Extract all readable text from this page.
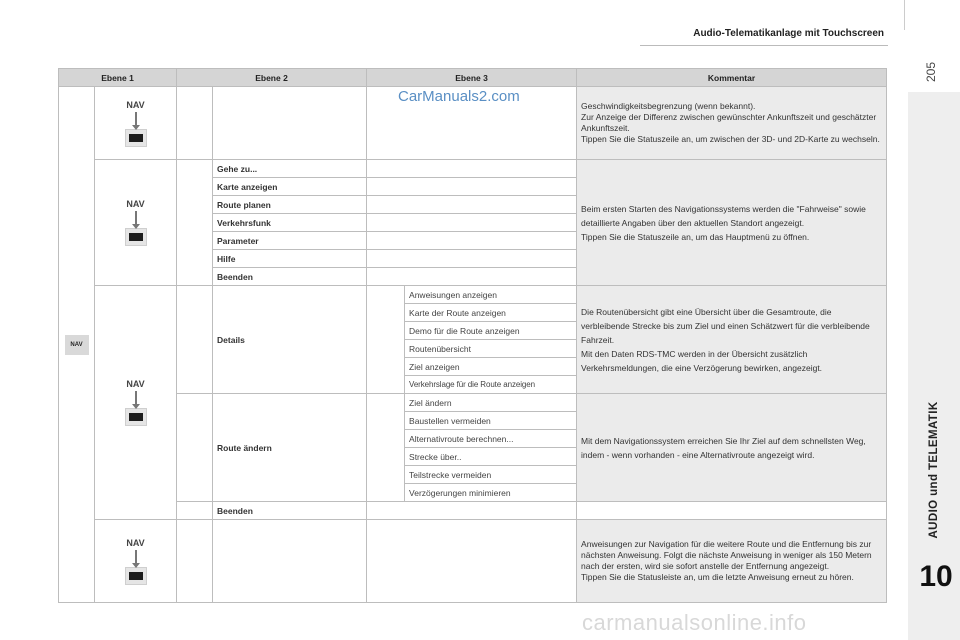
Audio-Telematikanlage mit Touchscreen
205
AUDIO und TELEMATIK
10
Ebene 1		Ebene 2		Ebene 3		Kommentar
NAV	NAV					Geschwindigkeitsbegrenzung (wenn bekannt).

Zur Anzeige der Differenz zwischen gewünschter Ankunftszeit und geschätzter Ankunftszeit.

Tippen Sie die Statuszeile an, um zwischen der 3D- und 2D-Karte zu wechseln.

	NAV		Gehe zu...			Beim ersten Starten des Navigationssystems werden die "Fahrweise" sowie detaillierte Angaben über den aktuellen Standort angezeigt.

Tippen Sie die Statuszeile an, um das Hauptmenü zu öffnen.

			Karte anzeigen			
			Route planen			
			Verkehrsfunk			
			Parameter			
			Hilfe			
			Beenden			

	NAV		Details		Anweisungen anzeigen	Die Routenübersicht gibt eine Übersicht über die Gesamtroute, die verbleibende Strecke bis zum Ziel und einen Schätzwert für die verbleibende Fahrzeit.

Mit den Daten RDS-TMC werden in der Übersicht zusätzlich Verkehrsmeldungen, die eine Verzögerung bewirken, angezeigt.

					Karte der Route anzeigen	
					Demo für die Route anzeigen	
					Routenübersicht	
					Ziel anzeigen	
					Verkehrslage für die Route anzeigen	
			Route ändern		Ziel ändern	Mit dem Navigationssystem erreichen Sie Ihr Ziel auf dem schnellsten Weg, indem - wenn vorhanden - eine Alternativroute angezeigt wird.

					Baustellen vermeiden	
					Alternativroute berechnen...	
					Strecke über..	
					Teilstrecke vermeiden	
					Verzögerungen minimieren	
			Beenden			

	NAV					Anweisungen zur Navigation für die weitere Route und die Entfernung bis zur nächsten Anweisung. Folgt die nächste Anweisung in weniger als 150 Metern nach der ersten, wird sie sofort anstelle der Entfernung angezeigt.

Tippen Sie die Statusleiste an, um die letzte Anweisung erneut zu hören.

CarManuals2.com
carmanualsonline.info
